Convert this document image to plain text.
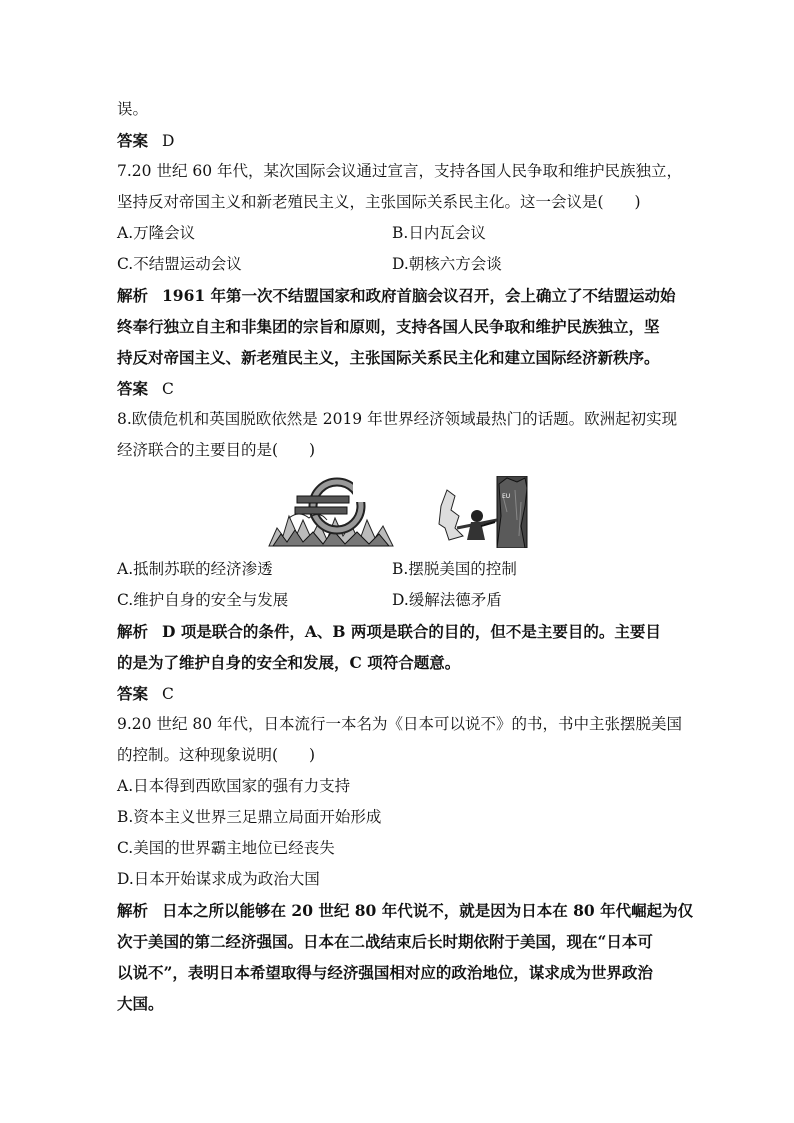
误。
答案 D
7.20 世纪 60 年代，某次国际会议通过宣言，支持各国人民争取和维护民族独立，
坚持反对帝国主义和新老殖民主义，主张国际关系民主化。这一会议是(　　)
A.万隆会议	B.日内瓦会议
C.不结盟运动会议	D.朝核六方会谈
解析 1961 年第一次不结盟国家和政府首脑会议召开，会上确立了不结盟运动始
终奉行独立自主和非集团的宗旨和原则，支持各国人民争取和维护民族独立，坚
持反对帝国主义、新老殖民主义，主张国际关系民主化和建立国际经济新秩序。
答案 C
8.欧债危机和英国脱欧依然是 2019 年世界经济领域最热门的话题。欧洲起初实现
经济联合的主要目的是(　　)
EU
A.抵制苏联的经济渗透	B.摆脱美国的控制
C.维护自身的安全与发展	D.缓解法德矛盾
解析 D 项是联合的条件，A、B 两项是联合的目的，但不是主要目的。主要目
的是为了维护自身的安全和发展，C 项符合题意。
答案 C
9.20 世纪 80 年代，日本流行一本名为《日本可以说不》的书，书中主张摆脱美国
的控制。这种现象说明(　　)
A.日本得到西欧国家的强有力支持
B.资本主义世界三足鼎立局面开始形成
C.美国的世界霸主地位已经丧失
D.日本开始谋求成为政治大国
解析 日本之所以能够在 20 世纪 80 年代说不，就是因为日本在 80 年代崛起为仅
次于美国的第二经济强国。日本在二战结束后长时期依附于美国，现在“日本可
以说不”，表明日本希望取得与经济强国相对应的政治地位，谋求成为世界政治
大国。
